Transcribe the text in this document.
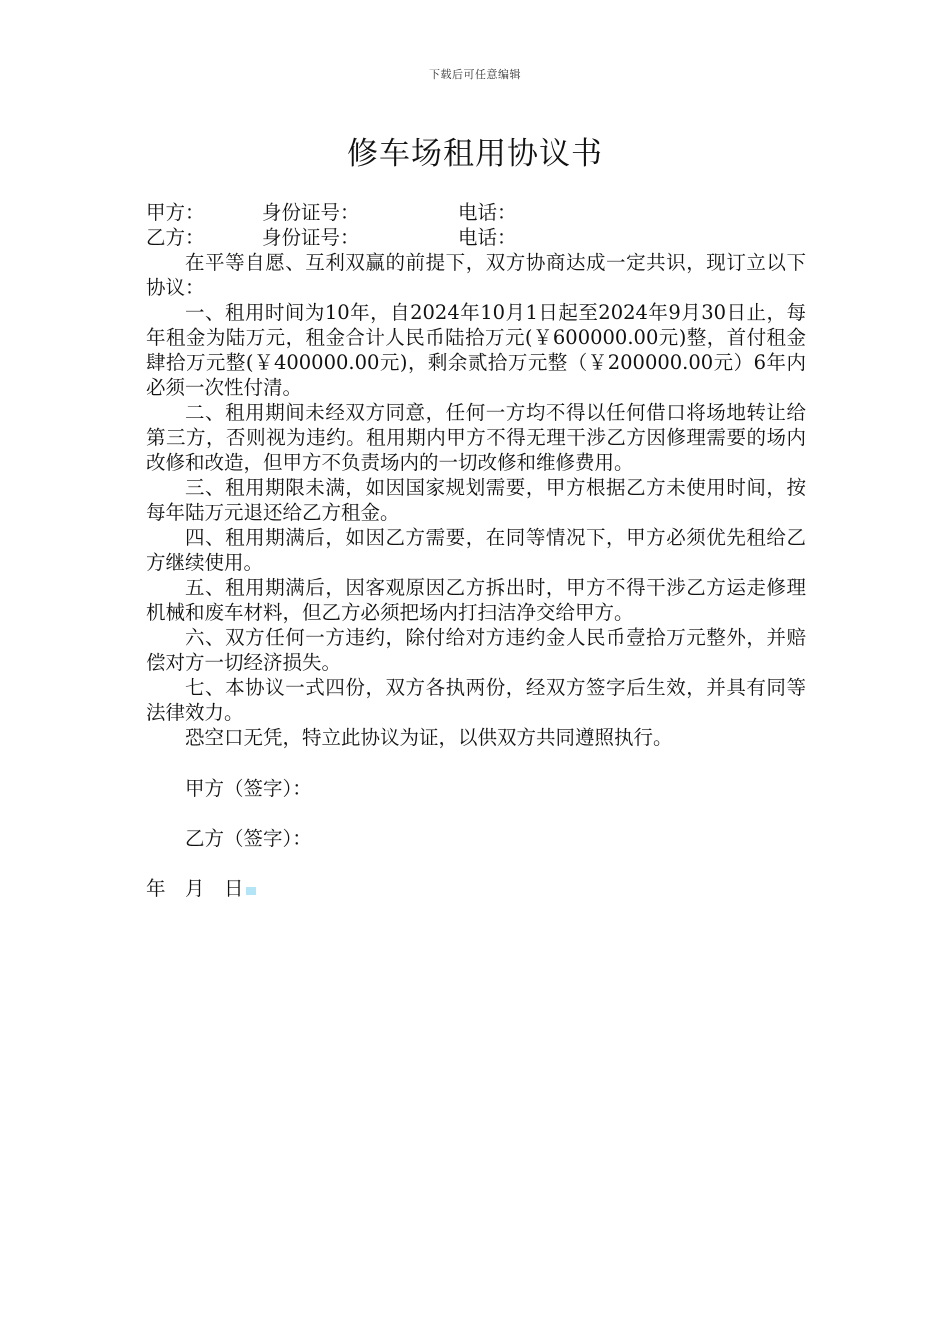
下载后可任意编辑
修车场租用协议书
甲方：	身份证号：	电话：
乙方：	身份证号：	电话：

在平等自愿、互利双赢的前提下，双方协商达成一定共识，现订立以下协议：

一、租用时间为10年，自2024年10月1日起至2024年9月30日止，每年租金为陆万元，租金合计人民币陆拾万元(￥600000.00元)整，首付租金肆拾万元整(￥400000.00元)，剩余贰拾万元整（￥200000.00元）6年内必须一次性付清。

二、租用期间未经双方同意，任何一方均不得以任何借口将场地转让给第三方，否则视为违约。租用期内甲方不得无理干涉乙方因修理需要的场内改修和改造，但甲方不负责场内的一切改修和维修费用。

三、租用期限未满，如因国家规划需要，甲方根据乙方未使用时间，按每年陆万元退还给乙方租金。

四、租用期满后，如因乙方需要，在同等情况下，甲方必须优先租给乙方继续使用。

五、租用期满后，因客观原因乙方拆出时，甲方不得干涉乙方运走修理机械和废车材料，但乙方必须把场内打扫洁净交给甲方。

六、双方任何一方违约，除付给对方违约金人民币壹拾万元整外，并赔偿对方一切经济损失。

七、本协议一式四份，双方各执两份，经双方签字后生效，并具有同等法律效力。

恐空口无凭，特立此协议为证，以供双方共同遵照执行。

甲方（签字）：

乙方（签字）：

年　月　日
